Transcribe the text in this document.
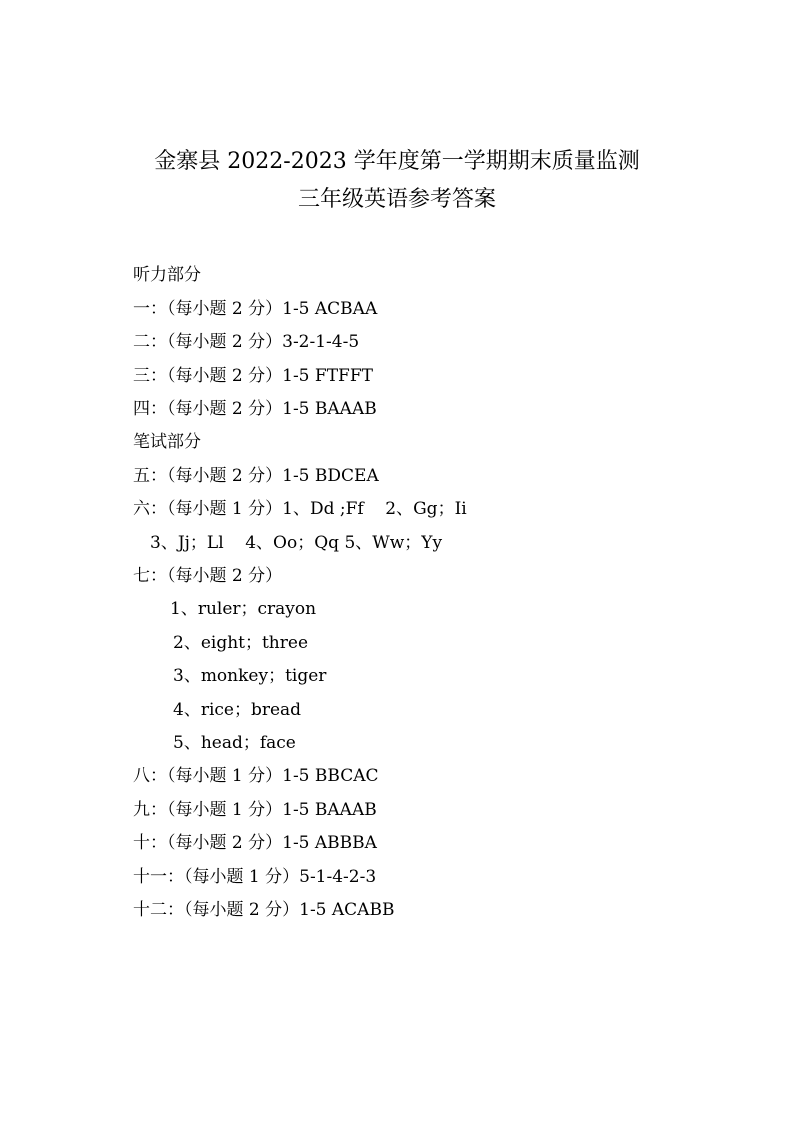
金寨县 2022-2023 学年度第一学期期末质量监测
三年级英语参考答案
听力部分
一：（每小题 2 分）1-5 ACBAA
二：（每小题 2 分）3-2-1-4-5
三：（每小题 2 分）1-5 FTFFT
四：（每小题 2 分）1-5 BAAAB
笔试部分
五：（每小题 2 分）1-5 BDCEA
六：（每小题 1 分）1、Dd ;Ff    2、Gg；Ii
3、Jj；Ll    4、Oo；Qq 5、Ww；Yy
七：（每小题 2 分）
1、ruler；crayon
2、eight；three
3、monkey；tiger
4、rice；bread
5、head；face
八：（每小题 1 分）1-5 BBCAC
九：（每小题 1 分）1-5 BAAAB
十：（每小题 2 分）1-5 ABBBA
十一：（每小题 1 分）5-1-4-2-3
十二：（每小题 2 分）1-5 ACABB
